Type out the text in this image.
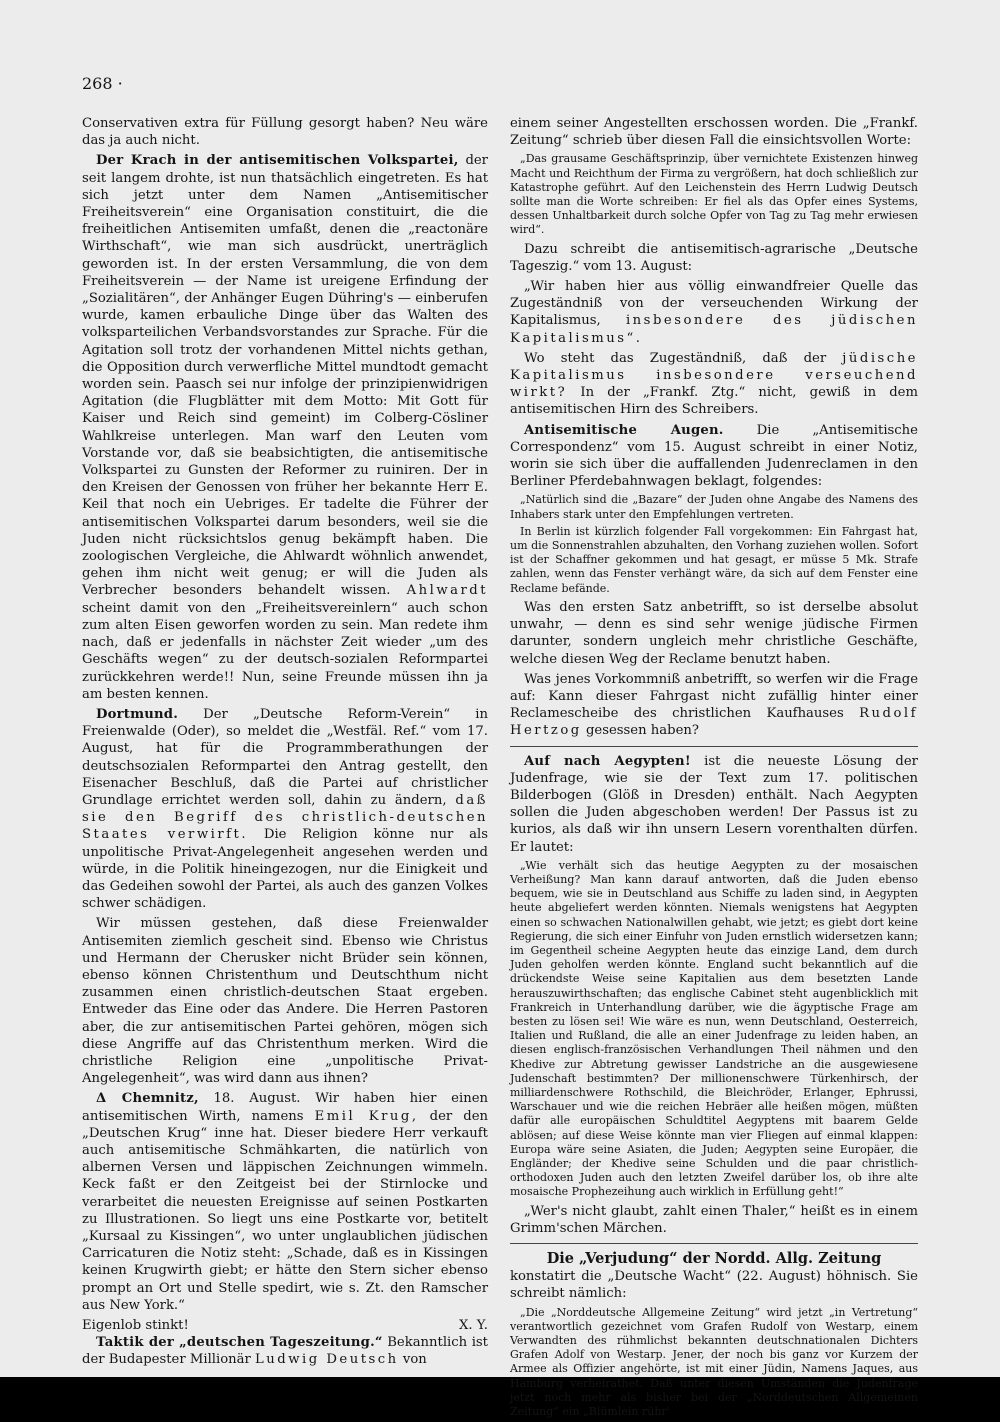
268 ·

Conservativen extra für Füllung gesorgt haben? Neu wäre das ja auch nicht.

Der Krach in der antisemitischen Volkspartei, der seit langem drohte, ist nun thatsächlich eingetreten. Es hat sich jetzt unter dem Namen „Antisemitischer Freiheitsverein“ eine Organisation constituirt, die die freiheitlichen Antisemiten umfaßt, denen die „reactonäre Wirthschaft“, wie man sich ausdrückt, unerträglich geworden ist. In der ersten Versammlung, die von dem Freiheitsverein — der Name ist ureigene Erfindung der „Sozialitären“, der Anhänger Eugen Dühring's — einberufen wurde, kamen erbauliche Dinge über das Walten des volksparteilichen Verbandsvorstandes zur Sprache. Für die Agitation soll trotz der vorhandenen Mittel nichts gethan, die Opposition durch verwerfliche Mittel mundtodt gemacht worden sein. Paasch sei nur infolge der prinzipienwidrigen Agitation (die Flugblätter mit dem Motto: Mit Gott für Kaiser und Reich sind gemeint) im Colberg-Cösliner Wahlkreise unterlegen. Man warf den Leuten vom Vorstande vor, daß sie beabsichtigten, die antisemitische Volkspartei zu Gunsten der Reformer zu ruiniren. Der in den Kreisen der Genossen von früher her bekannte Herr E. Keil that noch ein Uebriges. Er tadelte die Führer der antisemitischen Volkspartei darum besonders, weil sie die Juden nicht rücksichtslos genug bekämpft haben. Die zoologischen Vergleiche, die Ahlwardt wöhnlich anwendet, gehen ihm nicht weit genug; er will die Juden als Verbrecher besonders behandelt wissen. Ahlwardt scheint damit von den „Freiheitsvereinlern“ auch schon zum alten Eisen geworfen worden zu sein. Man redete ihm nach, daß er jedenfalls in nächster Zeit wieder „um des Geschäfts wegen“ zu der deutsch-sozialen Reformpartei zurückkehren werde!! Nun, seine Freunde müssen ihn ja am besten kennen.

Dortmund. Der „Deutsche Reform-Verein“ in Freienwalde (Oder), so meldet die „Westfäl. Ref.“ vom 17. August, hat für die Programmberathungen der deutschsozialen Reformpartei den Antrag gestellt, den Eisenacher Beschluß, daß die Partei auf christlicher Grundlage errichtet werden soll, dahin zu ändern, daß sie den Begriff des christlich-deutschen Staates verwirft. Die Religion könne nur als unpolitische Privat-Angelegenheit angesehen werden und würde, in die Politik hineingezogen, nur die Einigkeit und das Gedeihen sowohl der Partei, als auch des ganzen Volkes schwer schädigen.

Wir müssen gestehen, daß diese Freienwalder Antisemiten ziemlich gescheit sind. Ebenso wie Christus und Hermann der Cherusker nicht Brüder sein können, ebenso können Christenthum und Deutschthum nicht zusammen einen christlich-deutschen Staat ergeben. Entweder das Eine oder das Andere. Die Herren Pastoren aber, die zur antisemitischen Partei gehören, mögen sich diese Angriffe auf das Christenthum merken. Wird die christliche Religion eine „unpolitische Privat-Angelegenheit“, was wird dann aus ihnen?

Δ Chemnitz, 18. August. Wir haben hier einen antisemitischen Wirth, namens Emil Krug, der den „Deutschen Krug“ inne hat. Dieser biedere Herr verkauft auch antisemitische Schmähkarten, die natürlich von albernen Versen und läppischen Zeichnungen wimmeln. Keck faßt er den Zeitgeist bei der Stirnlocke und verarbeitet die neuesten Ereignisse auf seinen Postkarten zu Illustrationen. So liegt uns eine Postkarte vor, betitelt „Kursaal zu Kissingen“, wo unter unglaublichen jüdischen Carricaturen die Notiz steht: „Schade, daß es in Kissingen keinen Krugwirth giebt; er hätte den Stern sicher ebenso prompt an Ort und Stelle spedirt, wie s. Zt. den Ramscher aus New York.“

Eigenlob stinkt!	X. Y.

Taktik der „deutschen Tageszeitung.“ Bekanntlich ist der Budapester Millionär Ludwig Deutsch von

einem seiner Angestellten erschossen worden. Die „Frankf. Zeitung“ schrieb über diesen Fall die einsichtsvollen Worte:

„Das grausame Geschäftsprinzip, über vernichtete Existenzen hinweg Macht und Reichthum der Firma zu vergrößern, hat doch schließlich zur Katastrophe geführt. Auf den Leichenstein des Herrn Ludwig Deutsch sollte man die Worte schreiben: Er fiel als das Opfer eines Systems, dessen Unhaltbarkeit durch solche Opfer von Tag zu Tag mehr erwiesen wird“.

Dazu schreibt die antisemitisch-agrarische „Deutsche Tageszig.“ vom 13. August:

„Wir haben hier aus völlig einwandfreier Quelle das Zugeständniß von der verseuchenden Wirkung der Kapitalismus, insbesondere des jüdischen Kapitalismus“.

Wo steht das Zugeständniß, daß der jüdische Kapitalismus insbesondere verseuchend wirkt? In der „Frankf. Ztg.“ nicht, gewiß in dem antisemitischen Hirn des Schreibers.

Antisemitische Augen.	Die „Antisemitische Correspondenz“ vom 15. August schreibt in einer Notiz, worin sie sich über die auffallenden Judenreclamen in den Berliner Pferdebahnwagen beklagt, folgendes:

„Natürlich sind die „Bazare“ der Juden ohne Angabe des Namens des Inhabers stark unter den Empfehlungen vertreten.
In Berlin ist kürzlich folgender Fall vorgekommen: Ein Fahrgast hat, um die Sonnenstrahlen abzuhalten, den Vorhang zuziehen wollen. Sofort ist der Schaffner gekommen und hat gesagt, er müsse 5 Mk. Strafe zahlen, wenn das Fenster verhängt wäre, da sich auf dem Fenster eine Reclame befände.

Was den ersten Satz anbetrifft, so ist derselbe absolut unwahr, — denn es sind sehr wenige jüdische Firmen darunter, sondern ungleich mehr christliche Geschäfte, welche diesen Weg der Reclame benutzt haben.

Was jenes Vorkommniß anbetrifft, so werfen wir die Frage auf: Kann dieser Fahrgast nicht zufällig hinter einer Reclamescheibe des christlichen Kaufhauses Rudolf Hertzog gesessen haben?

Auf nach Aegypten! ist die neueste Lösung der Judenfrage, wie sie der Text zum 17. politischen Bilderbogen (Glöß in Dresden) enthält. Nach Aegypten sollen die Juden abgeschoben werden! Der Passus ist zu kurios, als daß wir ihn unsern Lesern vorenthalten dürfen. Er lautet:

„Wie verhält sich das heutige Aegypten zu der mosaischen Verheißung? Man kann darauf antworten, daß die Juden ebenso bequem, wie sie in Deutschland aus Schiffe zu laden sind, in Aegypten heute abgeliefert werden könnten. Niemals wenigstens hat Aegypten einen so schwachen Nationalwillen gehabt, wie jetzt; es giebt dort keine Regierung, die sich einer Einfuhr von Juden ernstlich widersetzen kann; im Gegentheil scheine Aegypten heute das einzige Land, dem durch Juden geholfen werden könnte. England sucht bekanntlich auf die drückendste Weise seine Kapitalien aus dem besetzten Lande herauszuwirthschaften; das englische Cabinet steht augenblicklich mit Frankreich in Unterhandlung darüber, wie die ägyptische Frage am besten zu lösen sei! Wie wäre es nun, wenn Deutschland, Oesterreich, Italien und Rußland, die alle an einer Judenfrage zu leiden haben, an diesen englisch-französischen Verhandlungen Theil nähmen und den Khedive zur Abtretung gewisser Landstriche an die ausgewiesene Judenschaft bestimmten? Der millionenschwere Türkenhirsch, der milliardenschwere Rothschild, die Bleichröder, Erlanger, Ephrussi, Warschauer und wie die reichen Hebräer alle heißen mögen, müßten dafür alle europäischen Schuldtitel Aegyptens mit baarem Gelde ablösen; auf diese Weise könnte man vier Fliegen auf einmal klappen: Europa wäre seine Asiaten, die Juden; Aegypten seine Europäer, die Engländer; der Khedive seine Schulden und die paar christlich-orthodoxen Juden auch den letzten Zweifel darüber los, ob ihre alte mosaische Prophezeihung auch wirklich in Erfüllung geht!“

„Wer's nicht glaubt, zahlt einen Thaler,“ heißt es in einem Grimm'schen Märchen.

Die „Verjudung“ der Nordd. Allg. Zeitung

konstatirt die „Deutsche Wacht“ (22. August) höhnisch. Sie schreibt nämlich:

„Die „Norddeutsche Allgemeine Zeitung“ wird jetzt „in Vertretung“ verantwortlich gezeichnet vom Grafen Rudolf von Westarp, einem Verwandten des rühmlichst bekannten deutschnationalen Dichters Grafen Adolf von Westarp. Jener, der noch bis ganz vor Kurzem der Armee als Offizier angehörte, ist mit einer Jüdin, Namens Jaques, aus Hamburg verheirathet. Daß unter diesen Umständen die Judenfrage jetzt noch mehr als bisher bei der „Norddeutschen Allgemeinen Zeitung“ ein „Blümlein rühr'
